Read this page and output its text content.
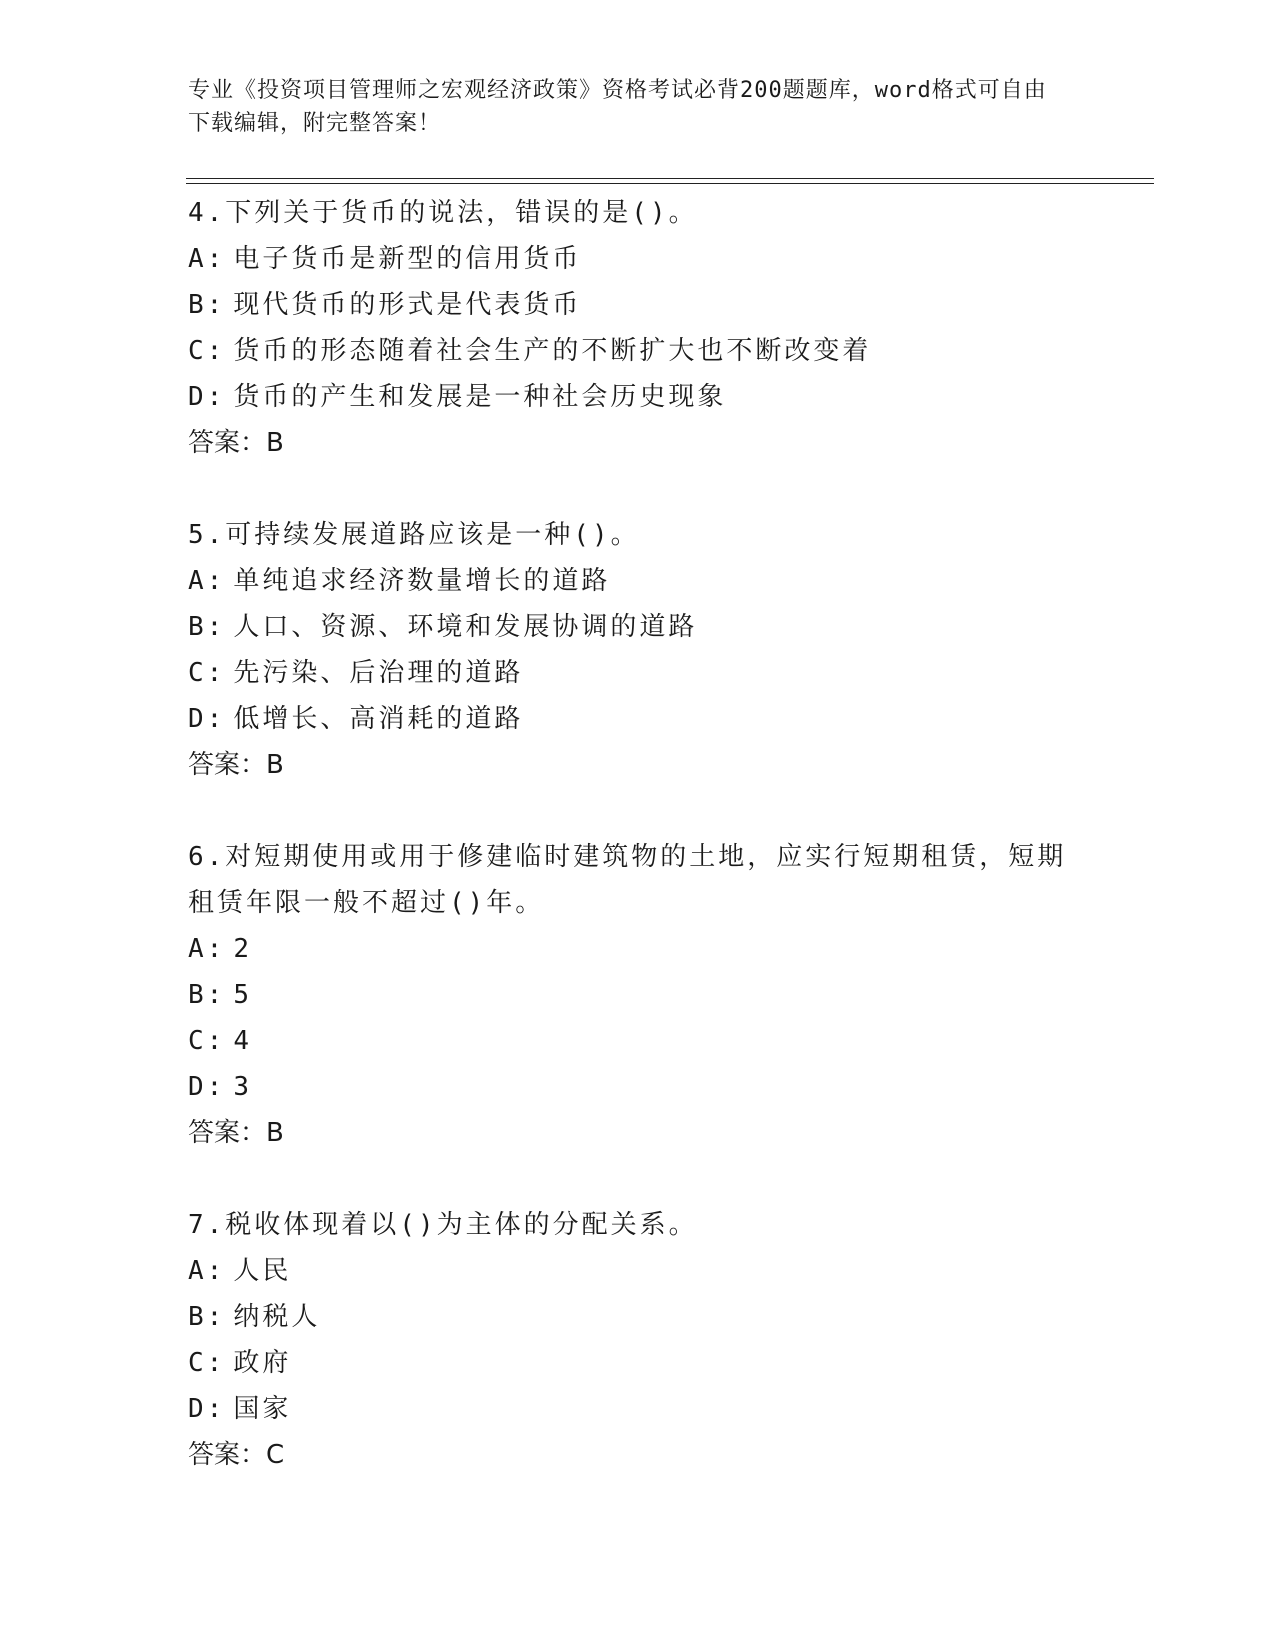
专业《投资项目管理师之宏观经济政策》资格考试必背200题题库，word格式可自由下载编辑，附完整答案！

4.下列关于货币的说法，错误的是()。

A: 电子货币是新型的信用货币

B: 现代货币的形式是代表货币

C: 货币的形态随着社会生产的不断扩大也不断改变着

D: 货币的产生和发展是一种社会历史现象

答案：B

5.可持续发展道路应该是一种()。

A: 单纯追求经济数量增长的道路

B: 人口、资源、环境和发展协调的道路

C: 先污染、后治理的道路

D: 低增长、高消耗的道路

答案：B

6.对短期使用或用于修建临时建筑物的土地，应实行短期租赁，短期租赁年限一般不超过()年。

A: 2

B: 5

C: 4

D: 3

答案：B

7.税收体现着以()为主体的分配关系。

A: 人民

B: 纳税人

C: 政府

D: 国家

答案：C
